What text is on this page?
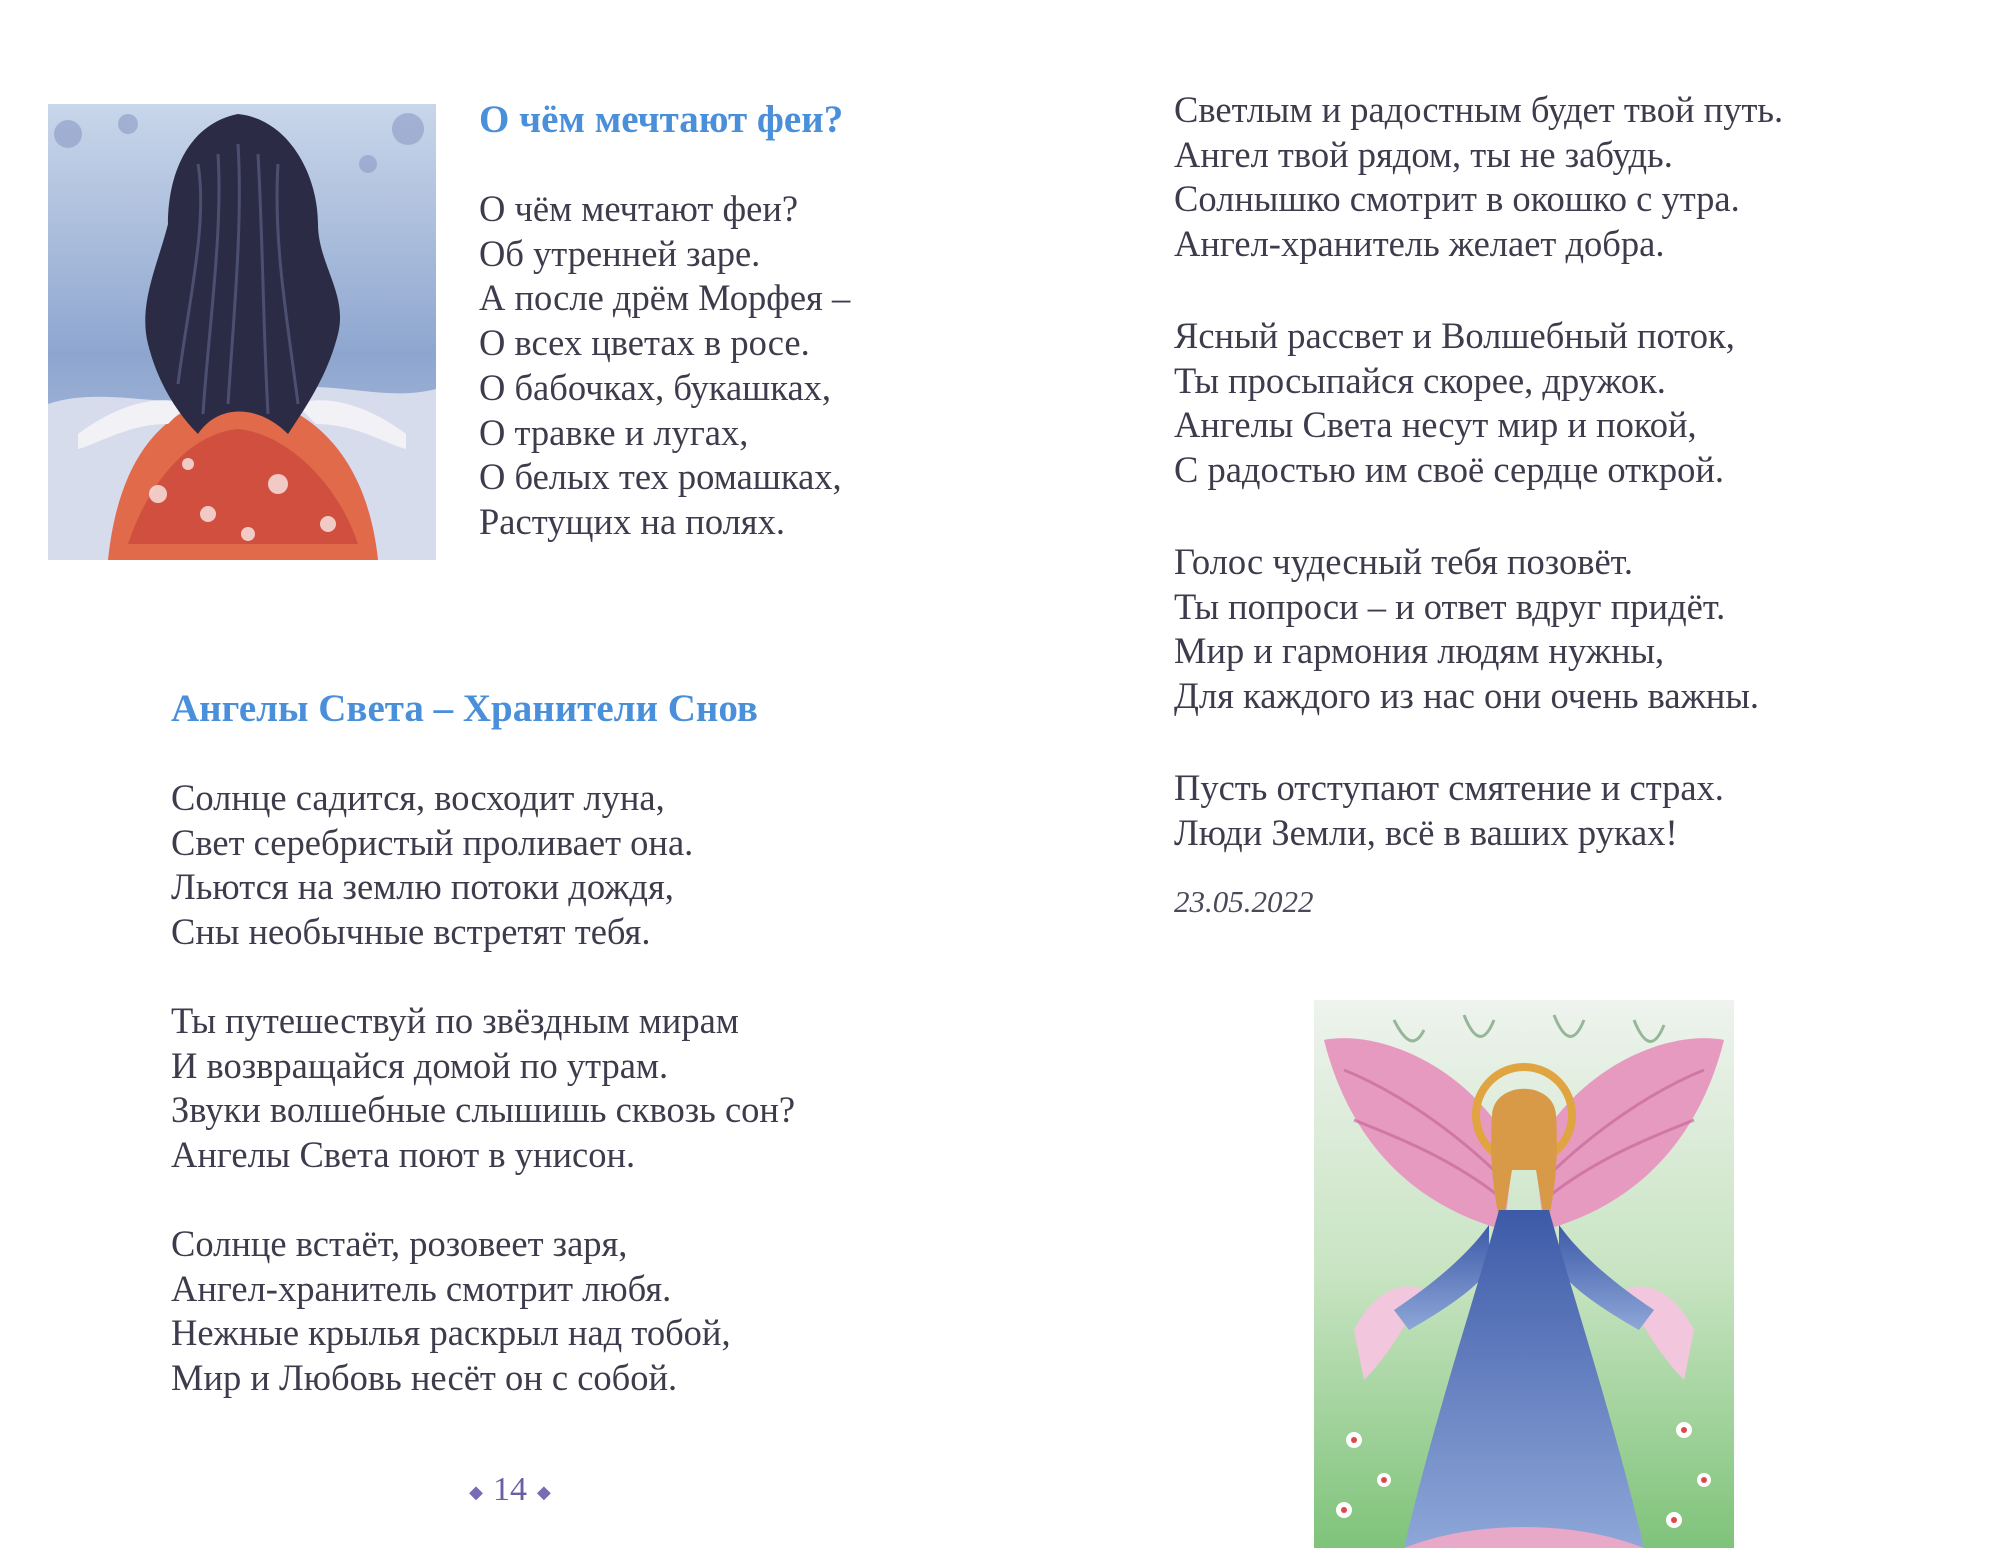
О чём мечтают феи?
О чём мечтают феи?
Об утренней заре.
А после дрём Морфея –
О всех цветах в росе.
О бабочках, букашках,
О травке и лугах,
О белых тех ромашках,
Растущих на полях.
Ангелы Света – Хранители Снов
Солнце садится, восходит луна,
Свет серебристый проливает она.
Льются на землю потоки дождя,
Сны необычные встретят тебя.
Ты путешествуй по звёздным мирам
И возвращайся домой по утрам.
Звуки волшебные слышишь сквозь сон?
Ангелы Света поют в унисон.
Солнце встаёт, розовеет заря,
Ангел-хранитель смотрит любя.
Нежные крылья раскрыл над тобой,
Мир и Любовь несёт он с собой.
◆ 14 ◆
Светлым и радостным будет твой путь.
Ангел твой рядом, ты не забудь.
Солнышко смотрит в окошко с утра.
Ангел-хранитель желает добра.
Ясный рассвет и Волшебный поток,
Ты просыпайся скорее, дружок.
Ангелы Света несут мир и покой,
С радостью им своё сердце открой.
Голос чудесный тебя позовёт.
Ты попроси – и ответ вдруг придёт.
Мир и гармония людям нужны,
Для каждого из нас они очень важны.
Пусть отступают смятение и страх.
Люди Земли, всё в ваших руках!
23.05.2022
